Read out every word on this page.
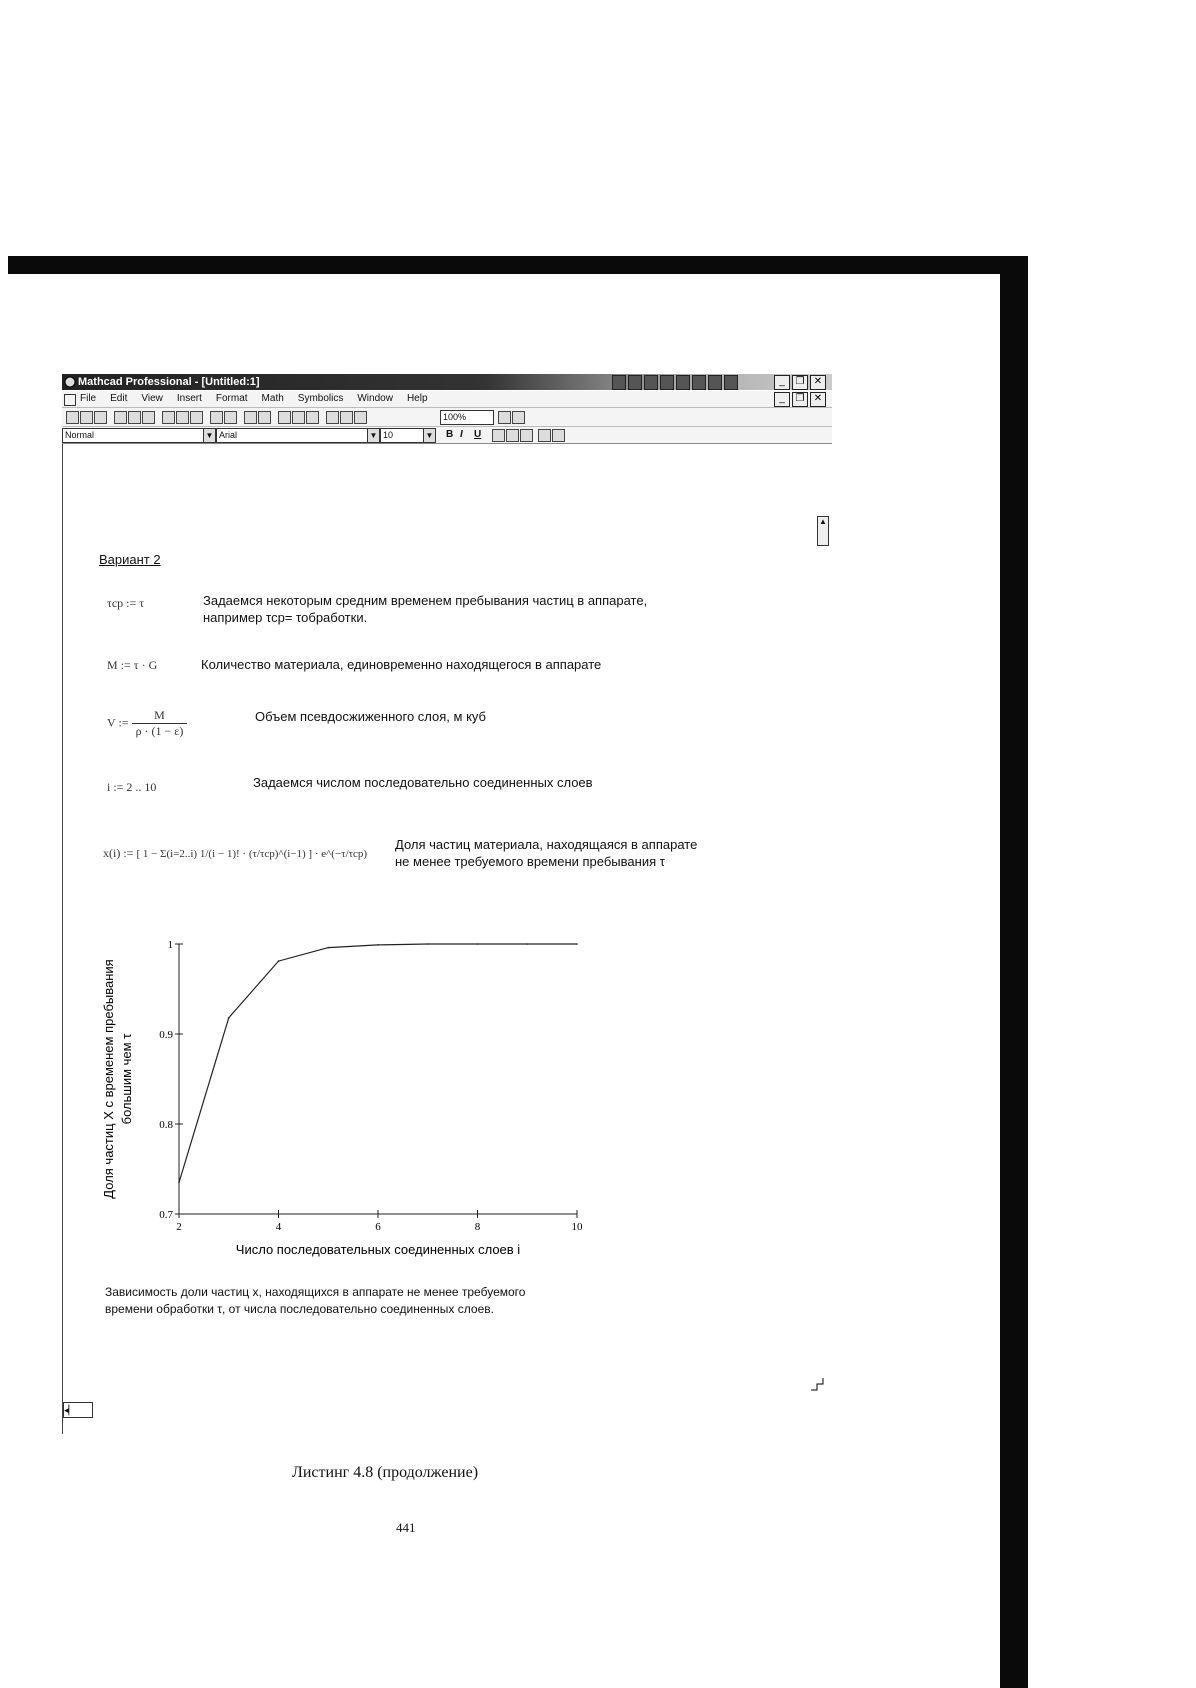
Mathcad Professional - [Untitled:1]	_	❐ ✕
File Edit View Insert Format Math Symbolics Window Help	_	❐ ✕
100%
Normal	▼ Arial	▼ 10	▼ B I U
▲
Вариант 2
τcp := τ	Задаемся некоторым средним временем пребывания частиц в аппарате,
например τcp= τобработки.
M := τ · G	Количество материала, единовременно находящегося в аппарате
V := $\frac{M}{\rho \cdot (1 - \varepsilon)}$	Объем псевдосжиженного слоя, м куб
i := 2 .. 10	Задаемся числом последовательно соединенных слоев
x(i) := [ 1 − Σ(i=2..i) 1/(i − 1)! · (τ/τcp)^(i−1) ] · e^(−τ/τcp)
Доля частиц материала, находящаяся в аппарате
не менее требуемого времени пребывания τ
2	4	6	8	10
0.7
0.8
0.9
1
Число последовательных соединенных слоев i
Доля частиц X с временем пребывания большим чем τ
Зависимость доли частиц x, находящихся в аппарате не менее требуемого
времени обработки τ, от числа последовательно соединенных слоев.
◂▏
Листинг 4.8 (продолжение)
441
